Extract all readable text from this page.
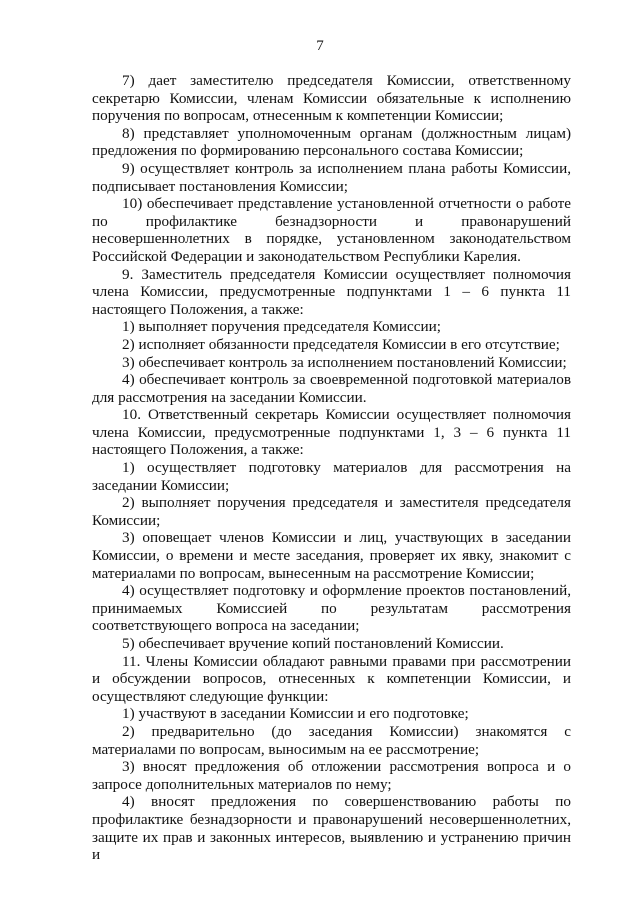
7

7) дает заместителю председателя Комиссии, ответственному секретарю Комиссии, членам Комиссии обязательные к исполнению поручения по вопросам, отнесенным к компетенции Комиссии;

8) представляет уполномоченным органам (должностным лицам) предложения по формированию персонального состава Комиссии;

9) осуществляет контроль за исполнением плана работы Комиссии, подписывает постановления Комиссии;

10) обеспечивает представление установленной отчетности о работе по профилактике безнадзорности и правонарушений несовершеннолетних в порядке, установленном законодательством Российской Федерации и законодательством Республики Карелия.

9. Заместитель председателя Комиссии осуществляет полномочия члена Комиссии, предусмотренные подпунктами 1 – 6 пункта 11 настоящего Положения, а также:

1) выполняет поручения председателя Комиссии;

2) исполняет обязанности председателя Комиссии в его отсутствие;

3) обеспечивает контроль за исполнением постановлений Комиссии;

4) обеспечивает контроль за своевременной подготовкой материалов для рассмотрения на заседании Комиссии.

10. Ответственный секретарь Комиссии осуществляет полномочия члена Комиссии, предусмотренные подпунктами 1, 3 – 6 пункта 11 настоящего Положения, а также:

1) осуществляет подготовку материалов для рассмотрения на заседании Комиссии;

2) выполняет поручения председателя и заместителя председателя Комиссии;

3) оповещает членов Комиссии и лиц, участвующих в заседании Комиссии, о времени и месте заседания, проверяет их явку, знакомит с материалами по вопросам, вынесенным на рассмотрение Комиссии;

4) осуществляет подготовку и оформление проектов постановлений, принимаемых Комиссией по результатам рассмотрения соответствующего вопроса на заседании;

5) обеспечивает вручение копий постановлений Комиссии.

11. Члены Комиссии обладают равными правами при рассмотрении и обсуждении вопросов, отнесенных к компетенции Комиссии, и осуществляют следующие функции:

1) участвуют в заседании Комиссии и его подготовке;

2) предварительно (до заседания Комиссии) знакомятся с материалами по вопросам, выносимым на ее рассмотрение;

3) вносят предложения об отложении рассмотрения вопроса и о запросе дополнительных материалов по нему;

4) вносят предложения по совершенствованию работы по профилактике безнадзорности и правонарушений несовершеннолетних, защите их прав и законных интересов, выявлению и устранению причин и
